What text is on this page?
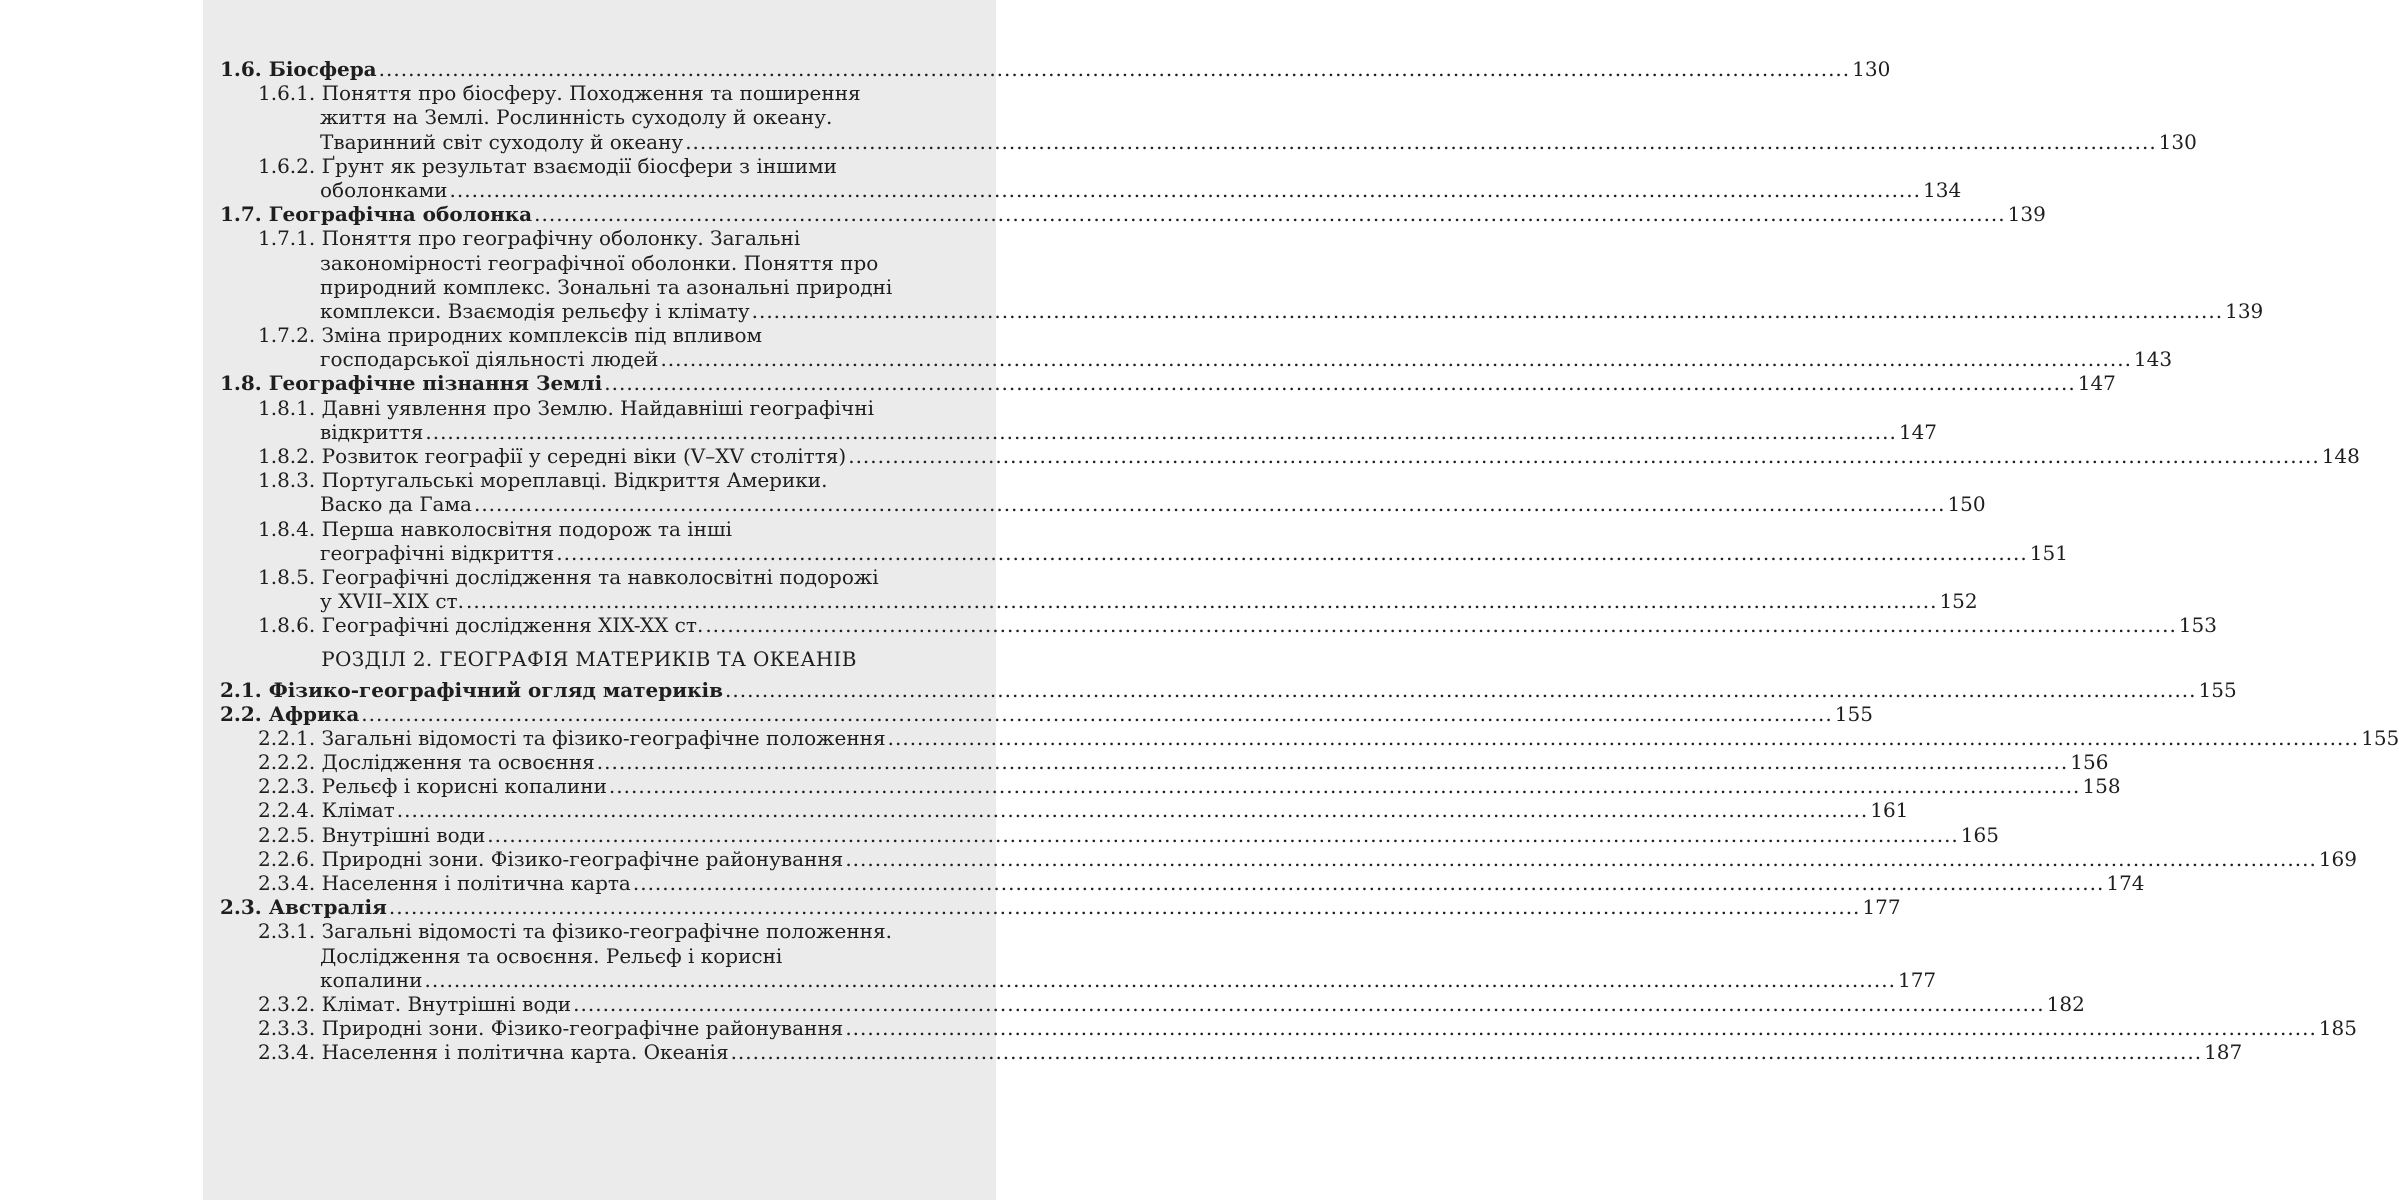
1.6. Біосфера ........................................................................................................................................................................................................ 130
1.6.1. Поняття про біосферу. Походження та поширення
життя на Землі. Рослинність суходолу й океану.
Тваринний світ суходолу й океану ........................................................................................................................................................................................................ 130
1.6.2. Ґрунт як результат взаємодії біосфери з іншими
оболонками ........................................................................................................................................................................................................ 134
1.7. Географічна оболонка ........................................................................................................................................................................................................ 139
1.7.1. Поняття про географічну оболонку. Загальні
закономірності географічної оболонки. Поняття про
природний комплекс. Зональні та азональні природні
комплекси. Взаємодія рельєфу і клімату ........................................................................................................................................................................................................ 139
1.7.2. Зміна природних комплексів під впливом
господарської діяльності людей ........................................................................................................................................................................................................ 143
1.8. Географічне пізнання Землі ........................................................................................................................................................................................................ 147
1.8.1. Давні уявлення про Землю. Найдавніші географічні
відкриття ........................................................................................................................................................................................................ 147
1.8.2. Розвиток географії у середні віки (V–XV століття) ........................................................................................................................................................................................................ 148
1.8.3. Португальські мореплавці. Відкриття Америки.
Васко да Гама ........................................................................................................................................................................................................ 150
1.8.4. Перша навколосвітня подорож та інші
географічні відкриття ........................................................................................................................................................................................................ 151
1.8.5. Географічні дослідження та навколосвітні подорожі
у XVII–XIX ст. ........................................................................................................................................................................................................ 152
1.8.6. Географічні дослідження XIX-XX ст. ........................................................................................................................................................................................................ 153
РОЗДІЛ 2. ГЕОГРАФІЯ МАТЕРИКІВ ТА ОКЕАНІВ
2.1. Фізико-географічний огляд материків ........................................................................................................................................................................................................ 155
2.2. Африка ........................................................................................................................................................................................................ 155
2.2.1. Загальні відомості та фізико-географічне положення ........................................................................................................................................................................................................ 155
2.2.2. Дослідження та освоєння ........................................................................................................................................................................................................ 156
2.2.3. Рельєф і корисні копалини ........................................................................................................................................................................................................ 158
2.2.4. Клімат ........................................................................................................................................................................................................ 161
2.2.5. Внутрішні води ........................................................................................................................................................................................................ 165
2.2.6. Природні зони. Фізико-географічне районування ........................................................................................................................................................................................................ 169
2.3.4. Населення і політична карта ........................................................................................................................................................................................................ 174
2.3. Австралія ........................................................................................................................................................................................................ 177
2.3.1. Загальні відомості та фізико-географічне положення.
Дослідження та освоєння. Рельєф і корисні
копалини ........................................................................................................................................................................................................ 177
2.3.2. Клімат. Внутрішні води ........................................................................................................................................................................................................ 182
2.3.3. Природні зони. Фізико-географічне районування ........................................................................................................................................................................................................ 185
2.3.4. Населення і політична карта. Океанія ........................................................................................................................................................................................................ 187
